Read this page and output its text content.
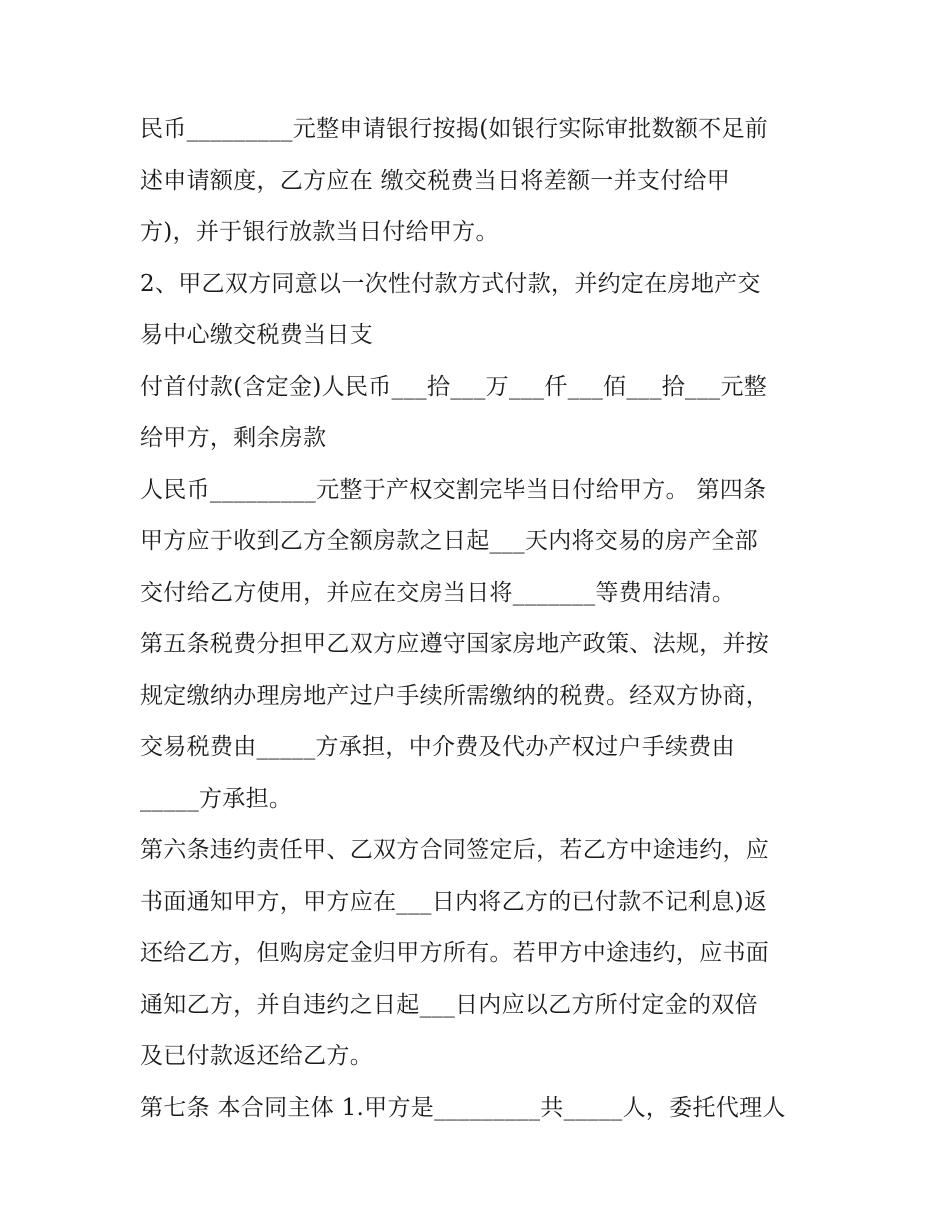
民币_________元整申请银行按揭(如银行实际审批数额不足前

述申请额度，乙方应在 缴交税费当日将差额一并支付给甲

方)，并于银行放款当日付给甲方。

2、甲乙双方同意以一次性付款方式付款，并约定在房地产交

易中心缴交税费当日支

付首付款(含定金)人民币___拾___万___仟___佰___拾___元整

给甲方，剩余房款

人民币_________元整于产权交割完毕当日付给甲方。 第四条

甲方应于收到乙方全额房款之日起___天内将交易的房产全部

交付给乙方使用，并应在交房当日将_______等费用结清。

第五条税费分担甲乙双方应遵守国家房地产政策、法规，并按

规定缴纳办理房地产过户手续所需缴纳的税费。经双方协商，

交易税费由_____方承担，中介费及代办产权过户手续费由

_____方承担。

第六条违约责任甲、乙双方合同签定后，若乙方中途违约，应

书面通知甲方，甲方应在___日内将乙方的已付款不记利息)返

还给乙方，但购房定金归甲方所有。若甲方中途违约，应书面

通知乙方，并自违约之日起___日内应以乙方所付定金的双倍

及已付款返还给乙方。

第七条 本合同主体 1.甲方是_________共_____人，委托代理人
